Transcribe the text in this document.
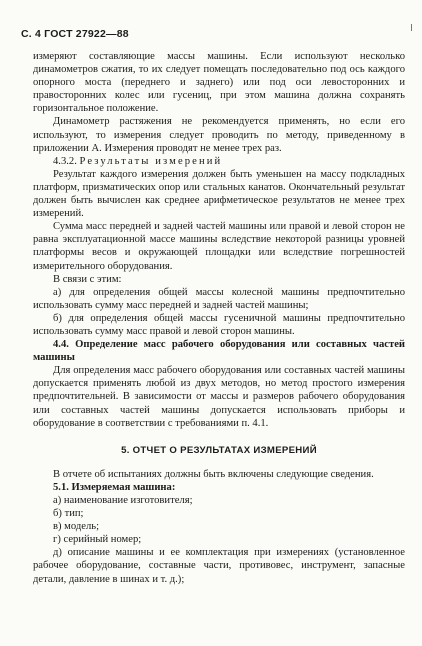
С. 4 ГОСТ 27922—88

измеряют составляющие массы машины. Если используют несколько динамометров сжатия, то их следует помещать последовательно под ось каждого опорного моста (переднего и заднего) или под оси левосторонних и правосторонних колес или гусениц, при этом машина должна сохранять горизонтальное положение.

Динамометр растяжения не рекомендуется применять, но если его используют, то измерения следует проводить по методу, приведенному в приложении А. Измерения проводят не менее трех раз.

4.3.2. Результаты измерений

Результат каждого измерения должен быть уменьшен на массу подкладных платформ, призматических опор или стальных канатов. Окончательный результат должен быть вычислен как среднее арифметическое результатов не менее трех измерений.

Сумма масс передней и задней частей машины или правой и левой сторон не равна эксплуатационной массе машины вследствие некоторой разницы уровней платформы весов и окружающей площадки или вследствие погрешностей измерительного оборудования.

В связи с этим:

а) для определения общей массы колесной машины предпочтительно использовать сумму масс передней и задней частей машины;

б) для определения общей массы гусеничной машины предпочтительно использовать сумму масс правой и левой сторон машины.

4.4. Определение масс рабочего оборудования или составных частей машины

Для определения масс рабочего оборудования или составных частей машины допускается применять любой из двух методов, но метод простого измерения предпочтительней. В зависимости от массы и размеров рабочего оборудования или составных частей машины допускается использовать приборы и оборудование в соответствии с требованиями п. 4.1.

5. ОТЧЕТ О РЕЗУЛЬТАТАХ ИЗМЕРЕНИЙ

В отчете об испытаниях должны быть включены следующие сведения.

5.1. Измеряемая машина:

а) наименование изготовителя;

б) тип;

в) модель;

г) серийный номер;

д) описание машины и ее комплектация при измерениях (установленное рабочее оборудование, составные части, противовес, инструмент, запасные детали, давление в шинах и т. д.);
